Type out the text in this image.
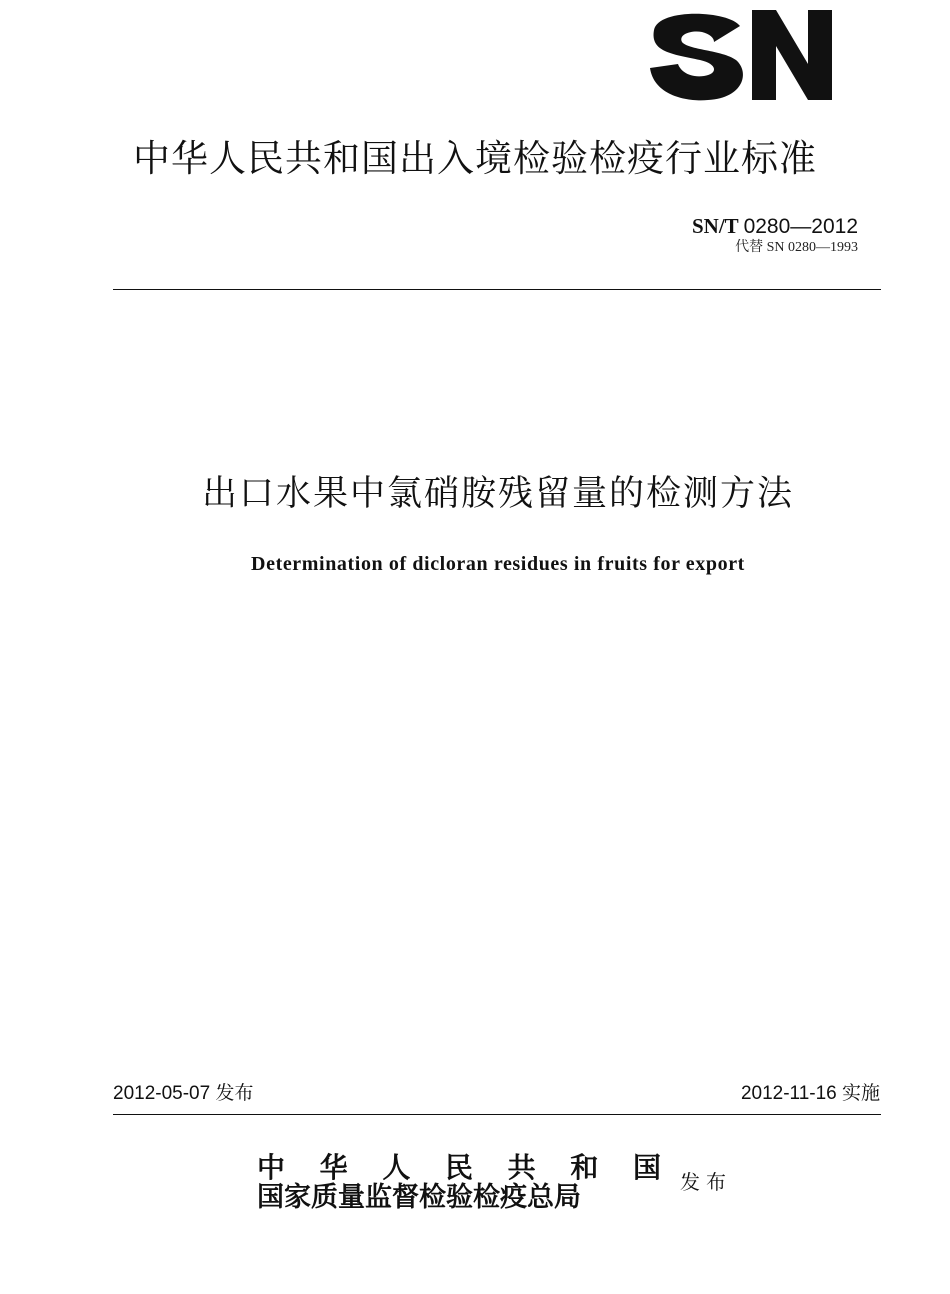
中华人民共和国出入境检验检疫行业标准
SN/T 0280—2012
代替 SN 0280—1993
出口水果中氯硝胺残留量的检测方法
Determination of dicloran residues in fruits for export
2012-05-07 发布	2012-11-16 实施
中华人民共和国
国家质量监督检验检疫总局	发布
